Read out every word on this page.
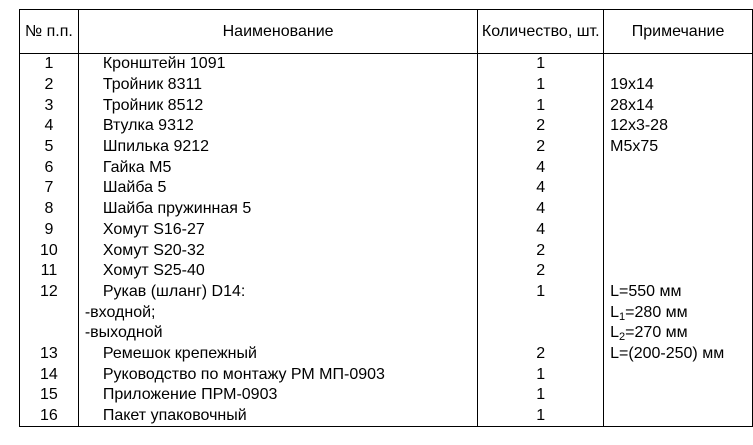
№ п.п.	Наименование	Количество, шт.	Примечание
1	Кронштейн 1091	1	
2	Тройник 8311	1	19x14
3	Тройник 8512	1	28x14
4	Втулка 9312	2	12x3-28
5	Шпилька 9212	2	M5x75
6	Гайка M5	4	
7	Шайба 5	4	
8	Шайба пружинная 5	4	
9	Хомут S16-27	4	
10	Хомут S20-32	2	
11	Хомут S25-40	2	
12	Рукав (шланг) D14:	1	L=550 мм
	-входной;		$L_1=280$ мм
	-выходной		$L_2=270$ мм
13	Ремешок крепежный	2	L=(200-250) мм
14	Руководство по монтажу РМ МП-0903	1	
15	Приложение ПРМ-0903	1	
16	Пакет упаковочный	1	
